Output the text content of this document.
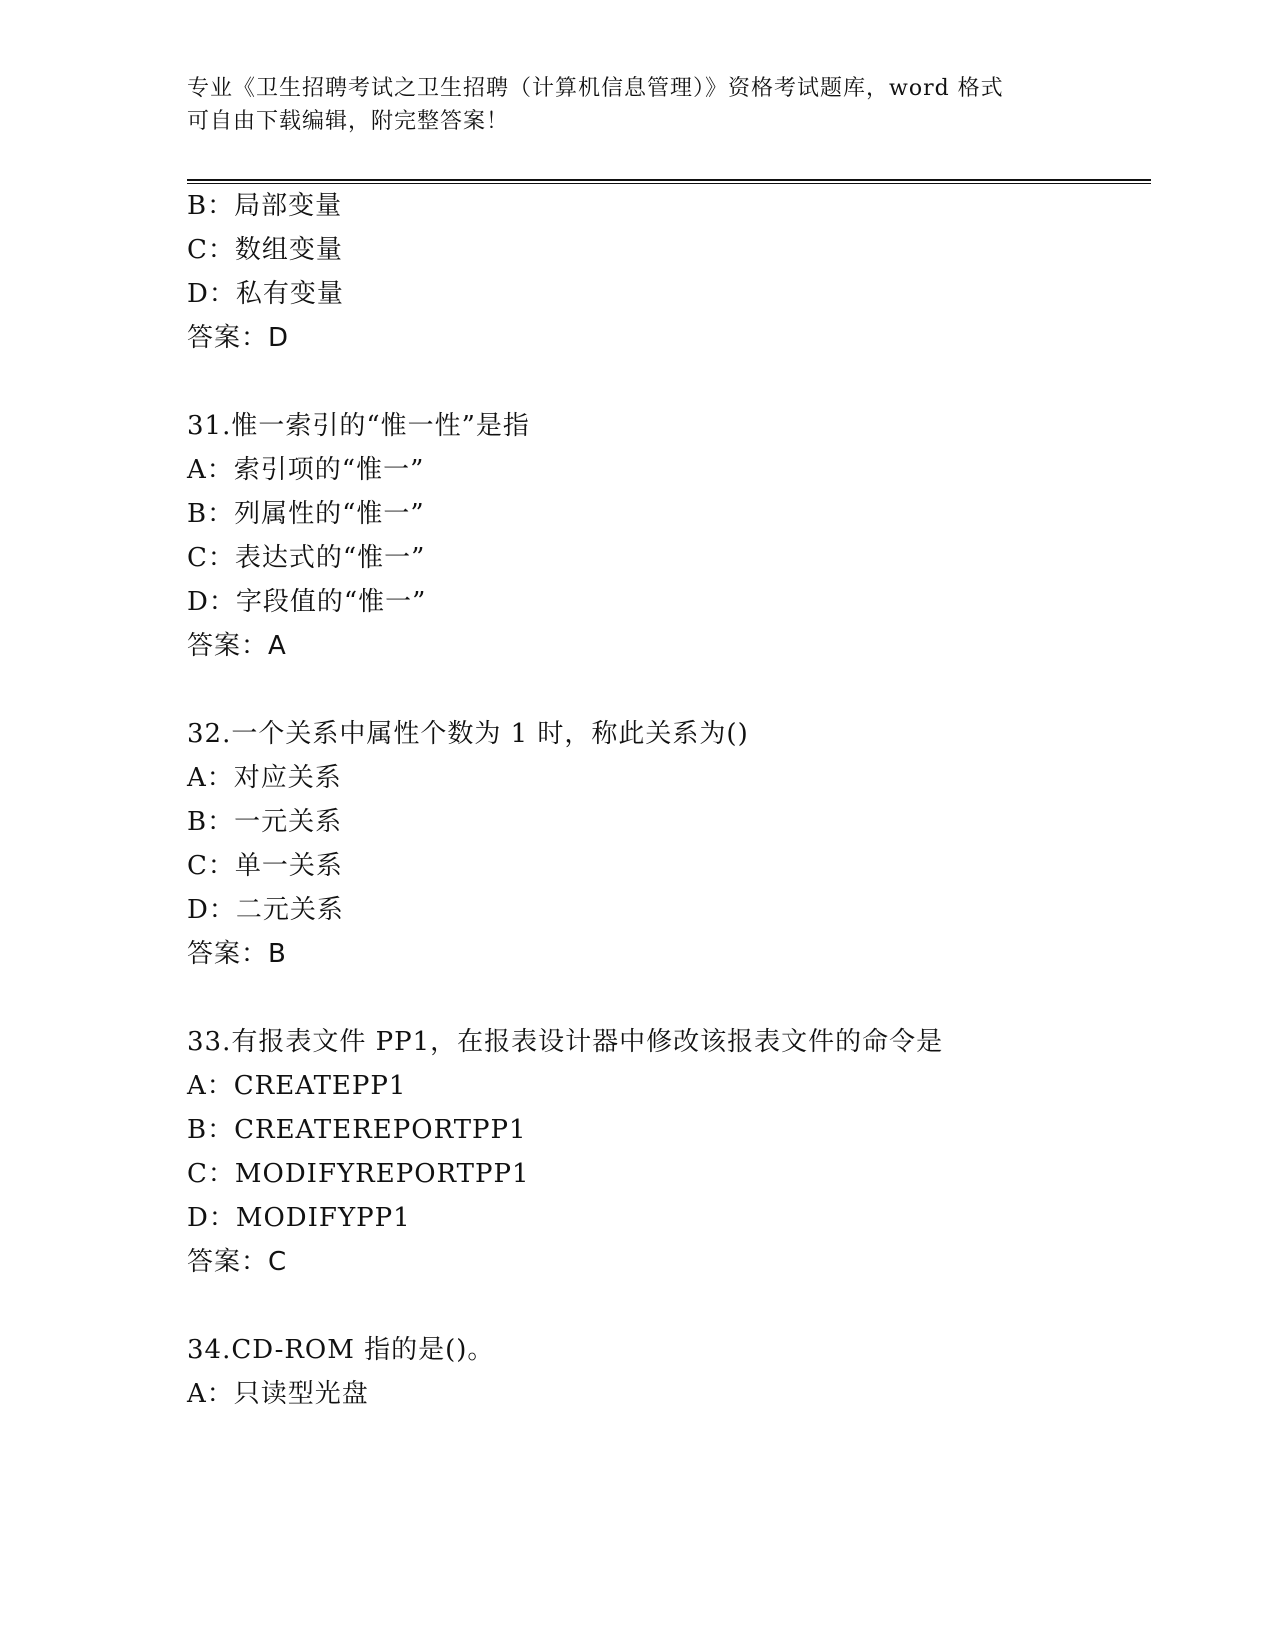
专业《卫生招聘考试之卫生招聘（计算机信息管理）》资格考试题库，word 格式
可自由下载编辑，附完整答案！
B：局部变量
C：数组变量
D：私有变量
答案：D
31.惟一索引的“惟一性”是指
A：索引项的“惟一”
B：列属性的“惟一”
C：表达式的“惟一”
D：字段值的“惟一”
答案：A
32.一个关系中属性个数为 1 时，称此关系为()
A：对应关系
B：一元关系
C：单一关系
D：二元关系
答案：B
33.有报表文件 PP1，在报表设计器中修改该报表文件的命令是
A：CREATEPP1
B：CREATEREPORTPP1
C：MODIFYREPORTPP1
D：MODIFYPP1
答案：C
34.CD-ROM 指的是()。
A：只读型光盘
